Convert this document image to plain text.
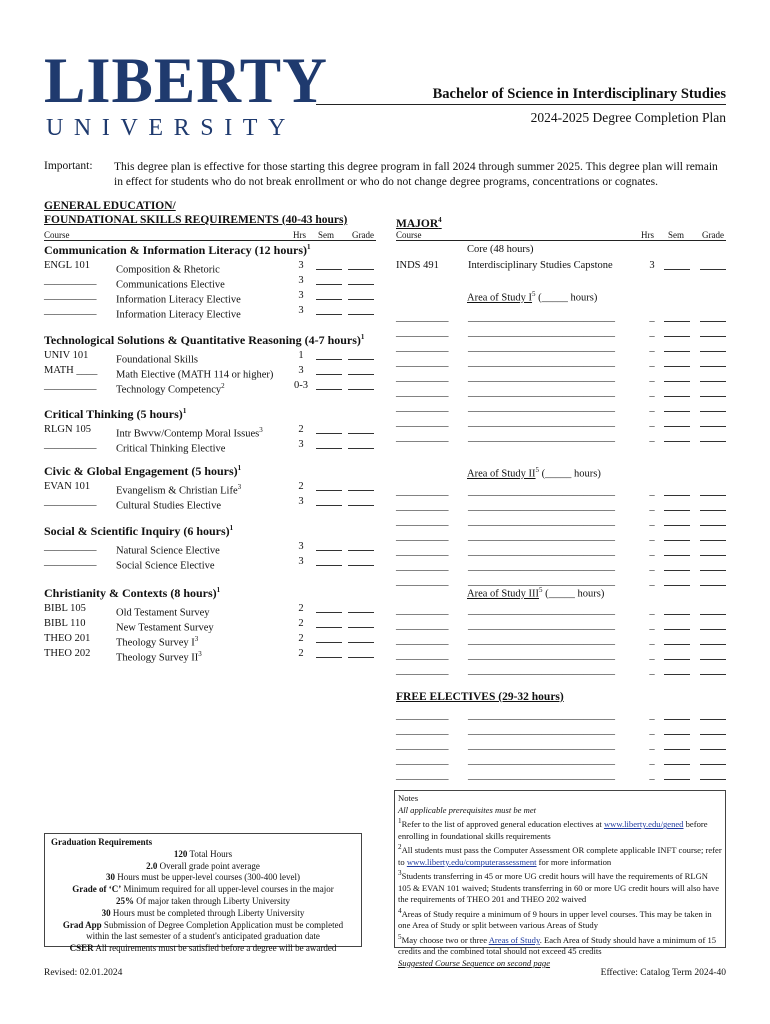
LIBERTY
UNIVERSITY
Bachelor of Science in Interdisciplinary Studies
2024-2025 Degree Completion Plan
Important: This degree plan is effective for those starting this degree program in fall 2024 through summer 2025. This degree plan will remain in effect for students who do not break enrollment or who do not change degree programs, concentrations or cognates.
GENERAL EDUCATION/
FOUNDATIONAL SKILLS REQUIREMENTS (40-43 hours)
Course	Hrs Sem Grade
MAJOR$^4$
Course	Hrs Sem Grade
Communication & Information Literacy (12 hours)$^1$
ENGL 101 Composition & Rhetoric	3
__________ Communications Elective	3
__________ Information Literacy Elective	3
__________ Information Literacy Elective	3
Technological Solutions & Quantitative Reasoning (4-7 hours)$^1$
UNIV 101	Foundational Skills	1
MATH ____ Math Elective (MATH 114 or higher)	3
__________ Technology Competency$^2$	0-3
Critical Thinking (5 hours)$^1$
RLGN 105 Intr Bwvw/Contemp Moral Issues$^3$	2
__________ Critical Thinking Elective	3
Civic & Global Engagement (5 hours)$^1$
EVAN 101 Evangelism & Christian Life$^3$	2
__________ Cultural Studies Elective	3
Social & Scientific Inquiry (6 hours)$^1$
__________ Natural Science Elective	3
__________ Social Science Elective	3
Christianity & Contexts (8 hours)$^1$
BIBL 105	Old Testament Survey	2
BIBL 110	New Testament Survey	2
THEO 201 Theology Survey $I^3$	2
THEO 202 Theology Survey $II^3$	2
Core (48 hours)
INDS 491	Interdisciplinary Studies Capstone	3
Area of Study $I^5$ (_____ hours)
__________ ____________________________	_
__________ ____________________________	_
__________ ____________________________	_
__________ ____________________________	_
__________ ____________________________	_
__________ ____________________________	_
__________ ____________________________	_
__________ ____________________________	_
__________ ____________________________	_
Area of Study $II^5$ (_____ hours)
__________ ____________________________	_
__________ ____________________________	_
__________ ____________________________	_
__________ ____________________________	_
__________ ____________________________	_
__________ ____________________________	_
__________ ____________________________	_
Area of Study III$^5$ (_____ hours)
__________ ____________________________	_
__________ ____________________________	_
__________ ____________________________	_
__________ ____________________________	_
__________ ____________________________	_
__________ ____________________________	_
__________ ____________________________	_
__________ ____________________________	_
__________ ____________________________	_
__________ ____________________________	_
FREE ELECTIVES (29-32 hours)
Graduation Requirements
120 Total Hours
2.0 Overall grade point average
30 Hours must be upper-level courses (300-400 level)
Grade of ‘C’ Minimum required for all upper-level courses in the major
25% Of major taken through Liberty University
30 Hours must be completed through Liberty University
Grad App Submission of Degree Completion Application must be completed
within the last semester of a student's anticipated graduation date
CSER All requirements must be satisfied before a degree will be awarded
Notes
All applicable prerequisites must be met
$^1$Refer to the list of approved general education electives at www.liberty.edu/gened before enrolling in foundational skills requirements
$^2$All students must pass the Computer Assessment OR complete applicable INFT course; refer to www.liberty.edu/computerassessment for more information
$^3$Students transferring in 45 or more UG credit hours will have the requirements of RLGN 105 & EVAN 101 waived; Students transferring in 60 or more UG credit hours will also have the requirements of THEO 201 and THEO 202 waived
$^4$Areas of Study require a minimum of 9 hours in upper level courses. This may be taken in one Area of Study or split between various Areas of Study
$^5$May choose two or three Areas of Study. Each Area of Study should have a minimum of 15 credits and the combined total should not exceed 45 credits
Suggested Course Sequence on second page
Revised: 02.01.2024	Effective: Catalog Term 2024-40
